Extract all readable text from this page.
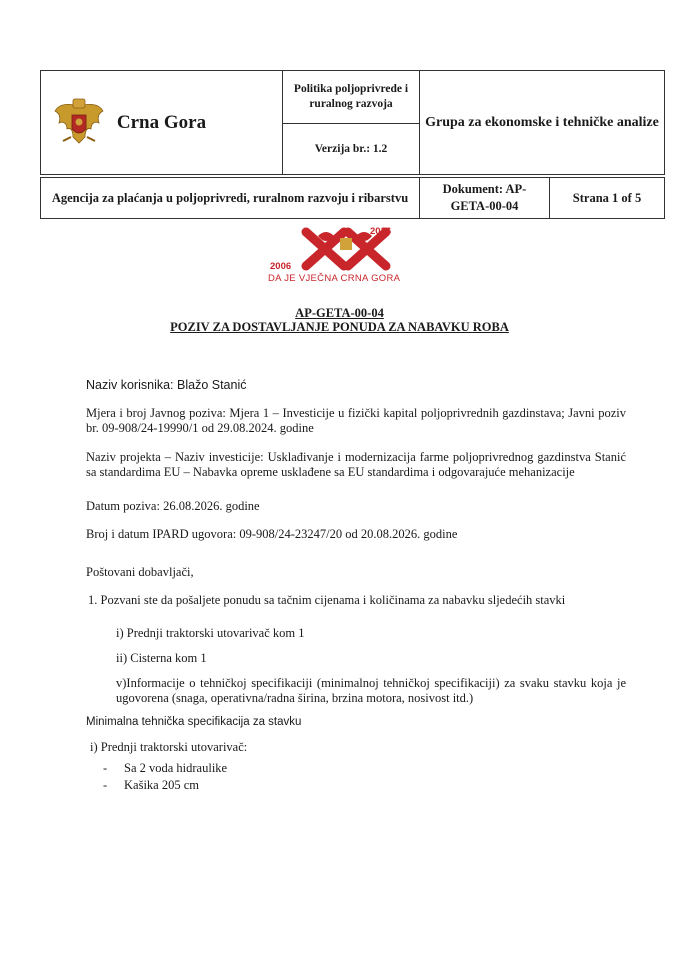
Crna Gora	Politika poljoprivrede i ruralnog razvoja	Grupa za ekonomske i tehničke analize
Verzija br.: 1.2
Agencija za plaćanja u poljoprivredi, ruralnom razvoju i ribarstvu	Dokument: AP-GETA-00-04	Strana 1 of 5
2026
2006
DA JE VJEČNA CRNA GORA
AP-GETA-00-04
POZIV ZA DOSTAVLJANJE PONUDA ZA NABAVKU ROBA
Naziv korisnika: Blažo Stanić
Mjera i broj Javnog poziva: Mjera 1 – Investicije u fizički kapital poljoprivrednih gazdinstava; Javni poziv br. 09-908/24-19990/1 od 29.08.2024. godine
Naziv projekta – Naziv investicije: Usklađivanje i modernizacija farme poljoprivrednog gazdinstva Stanić sa standardima EU – Nabavka opreme usklađene sa EU standardima i odgovarajuće mehanizacije
Datum poziva: 26.08.2026. godine
Broj i datum IPARD ugovora: 09-908/24-23247/20 od 20.08.2026. godine
Poštovani dobavljači,
1. Pozvani ste da pošaljete ponudu sa tačnim cijenama i količinama za nabavku sljedećih stavki
i) Prednji traktorski utovarivač kom 1
ii) Cisterna kom 1
v)Informacije o tehničkoj specifikaciji (minimalnoj tehničkoj specifikaciji) za svaku stavku koja je ugovorena (snaga, operativna/radna širina, brzina motora, nosivost itd.)
Minimalna tehnička specifikacija za stavku
i) Prednji traktorski utovarivač:
- Sa 2 voda hidraulike
- Kašika 205 cm
